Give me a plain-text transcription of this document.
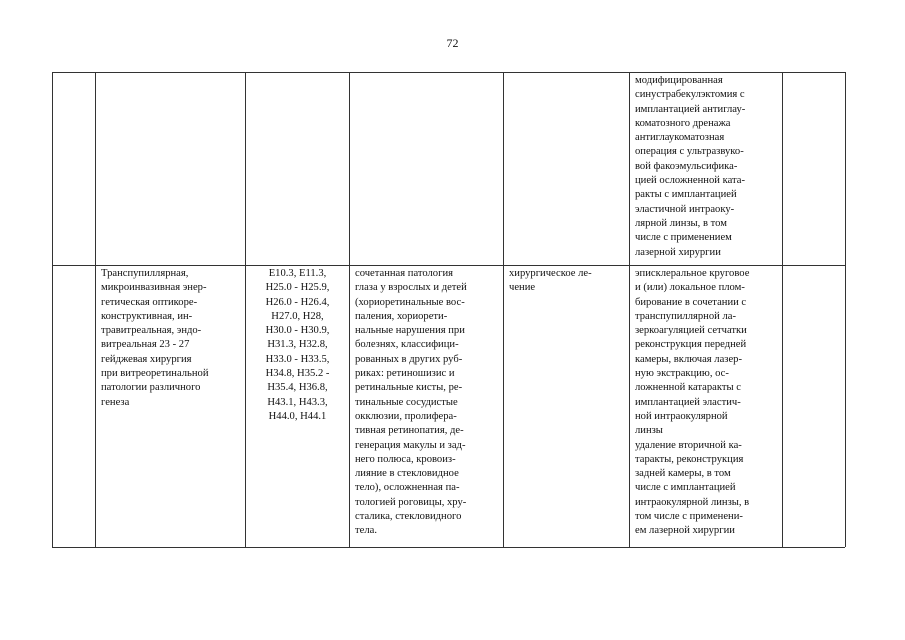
72
модифицированная
синустрабекулэктомия с
имплантацией антиглау-
коматозного дренажа
антиглаукоматозная
операция с ультразвуко-
вой факоэмульсифика-
цией осложненной ката-
ракты с имплантацией
эластичной интраоку-
лярной линзы, в том
числе с применением
лазерной хирургии
Транспупиллярная,
микроинвазивная энер-
гетическая оптикоре-
конструктивная, ин-
травитреальная, эндо-
витреальная 23 - 27
гейджевая хирургия
при витреоретинальной
патологии различного
генеза
E10.3, E11.3,
H25.0 - H25.9,
H26.0 - H26.4,
H27.0, H28,
H30.0 - H30.9,
H31.3, H32.8,
H33.0 - H33.5,
H34.8, H35.2 -
H35.4, H36.8,
H43.1, H43.3,
H44.0, H44.1
сочетанная патология
глаза у взрослых и детей
(хориоретинальные вос-
паления, хориорети-
нальные нарушения при
болезнях, классифици-
рованных в других руб-
риках: ретиношизис и
ретинальные кисты, ре-
тинальные сосудистые
окклюзии, пролифера-
тивная ретинопатия, де-
генерация макулы и зад-
него полюса, кровоиз-
лияние в стекловидное
тело), осложненная па-
тологией роговицы, хру-
сталика, стекловидного
тела.
хирургическое ле-
чение
эписклеральное круговое
и (или) локальное плом-
бирование в сочетании с
транспупиллярной ла-
зеркоагуляцией сетчатки
реконструкция передней
камеры, включая лазер-
ную экстракцию, ос-
ложненной катаракты с
имплантацией эластич-
ной интраокулярной
линзы
удаление вторичной ка-
таракты, реконструкция
задней камеры, в том
числе с имплантацией
интраокулярной линзы, в
том числе с применени-
ем лазерной хирургии
